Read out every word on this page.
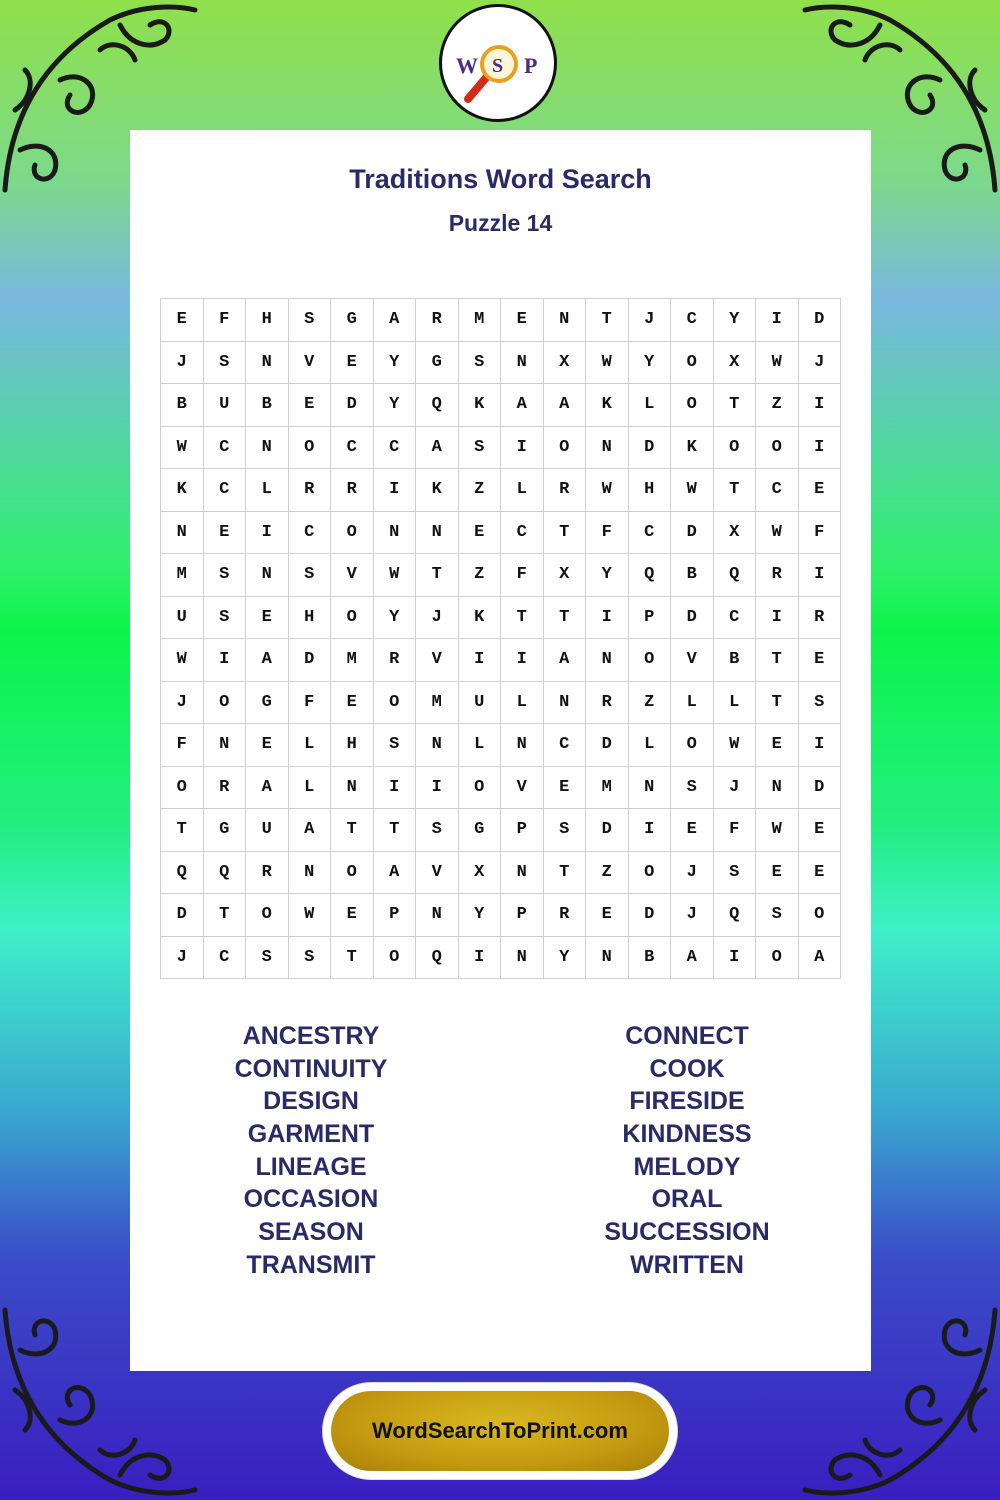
W S P
Traditions Word Search
Puzzle 14
E	F	H	S	G	A	R	M	E	N	T	J	C	Y	I	D
J	S	N	V	E	Y	G	S	N	X	W	Y	O	X	W	J
B	U	B	E	D	Y	Q	K	A	A	K	L	O	T	Z	I
W	C	N	O	C	C	A	S	I	O	N	D	K	O	O	I
K	C	L	R	R	I	K	Z	L	R	W	H	W	T	C	E
N	E	I	C	O	N	N	E	C	T	F	C	D	X	W	F
M	S	N	S	V	W	T	Z	F	X	Y	Q	B	Q	R	I
U	S	E	H	O	Y	J	K	T	T	I	P	D	C	I	R
W	I	A	D	M	R	V	I	I	A	N	O	V	B	T	E
J	O	G	F	E	O	M	U	L	N	R	Z	L	L	T	S
F	N	E	L	H	S	N	L	N	C	D	L	O	W	E	I
O	R	A	L	N	I	I	O	V	E	M	N	S	J	N	D
T	G	U	A	T	T	S	G	P	S	D	I	E	F	W	E
Q	Q	R	N	O	A	V	X	N	T	Z	O	J	S	E	E
D	T	O	W	E	P	N	Y	P	R	E	D	J	Q	S	O
J	C	S	S	T	O	Q	I	N	Y	N	B	A	I	O	A
ANCESTRY
CONTINUITY
DESIGN
GARMENT
LINEAGE
OCCASION
SEASON
TRANSMIT
CONNECT
COOK
FIRESIDE
KINDNESS
MELODY
ORAL
SUCCESSION
WRITTEN
WordSearchToPrint.com
